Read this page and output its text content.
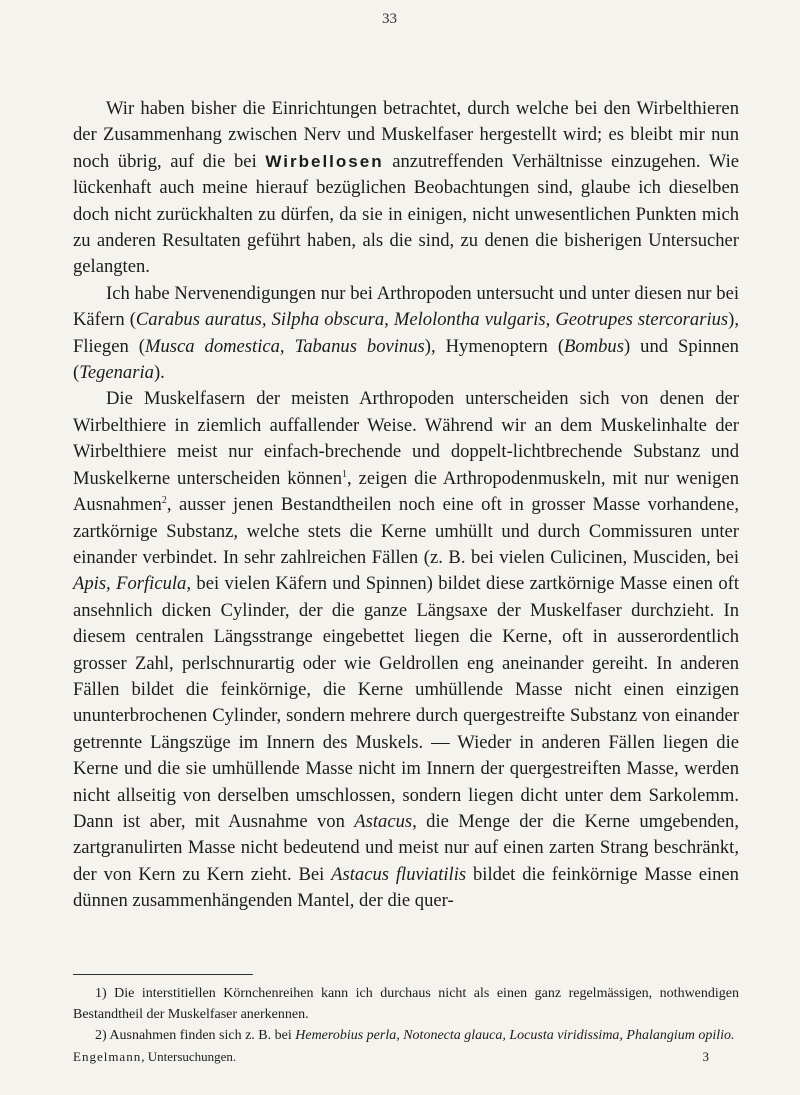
33

Wir haben bisher die Einrichtungen betrachtet, durch welche bei den Wirbelthieren der Zusammenhang zwischen Nerv und Muskelfaser hergestellt wird; es bleibt mir nun noch übrig, auf die bei Wirbellosen anzutreffenden Verhältnisse einzugehen. Wie lückenhaft auch meine hierauf bezüglichen Beobachtungen sind, glaube ich dieselben doch nicht zurückhalten zu dürfen, da sie in einigen, nicht unwesentlichen Punkten mich zu anderen Resultaten geführt haben, als die sind, zu denen die bisherigen Untersucher gelangten.

Ich habe Nervenendigungen nur bei Arthropoden untersucht und unter diesen nur bei Käfern (Carabus auratus, Silpha obscura, Melolontha vulgaris, Geotrupes stercorarius), Fliegen (Musca domestica, Tabanus bovinus), Hymenoptern (Bombus) und Spinnen (Tegenaria).

Die Muskelfasern der meisten Arthropoden unterscheiden sich von denen der Wirbelthiere in ziemlich auffallender Weise. Während wir an dem Muskelinhalte der Wirbelthiere meist nur einfach-brechende und doppelt-lichtbrechende Substanz und Muskelkerne unterscheiden können$^1$, zeigen die Arthropodenmuskeln, mit nur wenigen Ausnahmen$^2$, ausser jenen Bestandtheilen noch eine oft in grosser Masse vorhandene, zartkörnige Substanz, welche stets die Kerne umhüllt und durch Commissuren unter einander verbindet. In sehr zahlreichen Fällen (z. B. bei vielen Culicinen, Musciden, bei Apis, Forficula, bei vielen Käfern und Spinnen) bildet diese zartkörnige Masse einen oft ansehnlich dicken Cylinder, der die ganze Längsaxe der Muskelfaser durchzieht. In diesem centralen Längsstrange eingebettet liegen die Kerne, oft in ausserordentlich grosser Zahl, perlschnurartig oder wie Geldrollen eng aneinander gereiht. In anderen Fällen bildet die feinkörnige, die Kerne umhüllende Masse nicht einen einzigen ununterbrochenen Cylinder, sondern mehrere durch quergestreifte Substanz von einander getrennte Längszüge im Innern des Muskels. — Wieder in anderen Fällen liegen die Kerne und die sie umhüllende Masse nicht im Innern der quergestreiften Masse, werden nicht allseitig von derselben umschlossen, sondern liegen dicht unter dem Sarkolemm. Dann ist aber, mit Ausnahme von Astacus, die Menge der die Kerne umgebenden, zartgranulirten Masse nicht bedeutend und meist nur auf einen zarten Strang beschränkt, der von Kern zu Kern zieht. Bei Astacus fluviatilis bildet die feinkörnige Masse einen dünnen zusammenhängenden Mantel, der die quer-

1) Die interstitiellen Körnchenreihen kann ich durchaus nicht als einen ganz regelmässigen, nothwendigen Bestandtheil der Muskelfaser anerkennen.

2) Ausnahmen finden sich z. B. bei Hemerobius perla, Notonecta glauca, Locusta viridissima, Phalangium opilio.

Engelmann, Untersuchungen.	3
